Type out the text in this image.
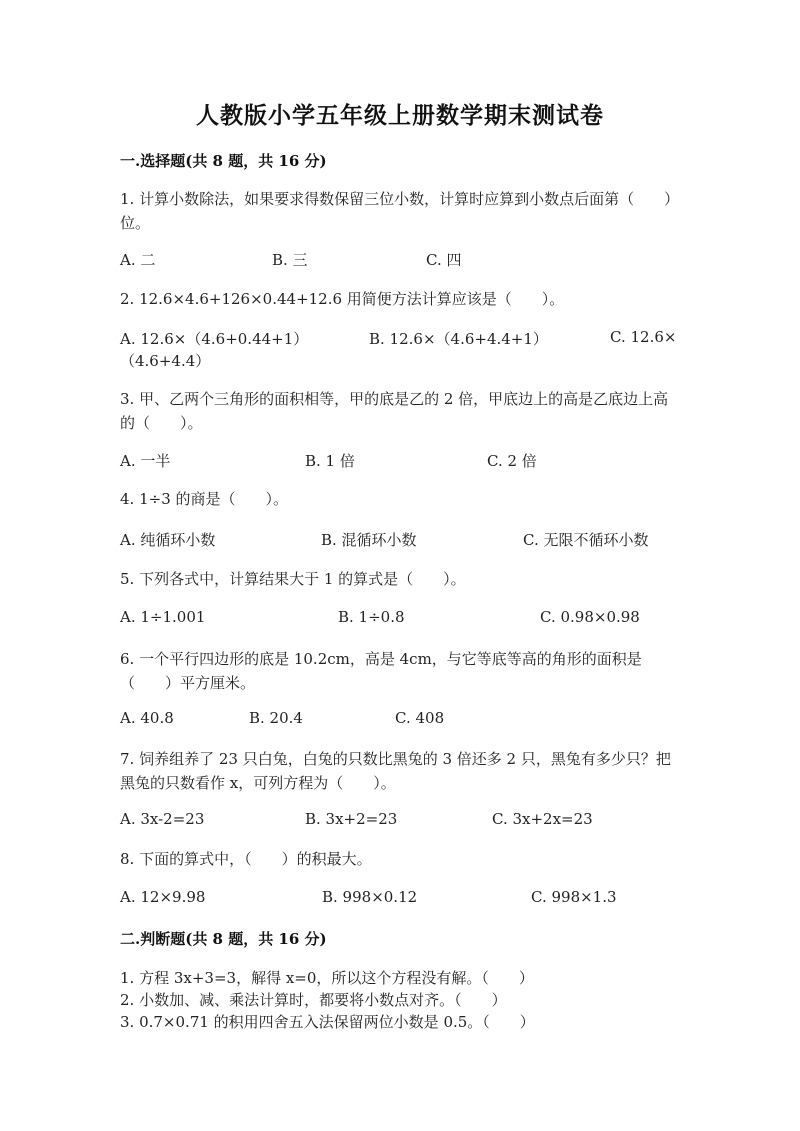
人教版小学五年级上册数学期末测试卷
一.选择题(共 8 题，共 16 分)
1. 计算小数除法，如果要求得数保留三位小数，计算时应算到小数点后面第（　　）位。
A. 二	B. 三	C. 四
2. 12.6×4.6+126×0.44+12.6 用简便方法计算应该是（　　）。
A. 12.6×（4.6+0.44+1）	B. 12.6×（4.6+4.4+1）	C. 12.6×
（4.6+4.4）
3. 甲、乙两个三角形的面积相等，甲的底是乙的 2 倍，甲底边上的高是乙底边上高的（　　）。
A. 一半	B. 1 倍	C. 2 倍
4. 1÷3 的商是（　　）。
A. 纯循环小数	B. 混循环小数	C. 无限不循环小数
5. 下列各式中，计算结果大于 1 的算式是（　　）。
A. 1÷1.001	B. 1÷0.8	C. 0.98×0.98
6. 一个平行四边形的底是 10.2cm，高是 4cm，与它等底等高的角形的面积是（　　）平方厘米。
A. 40.8	B. 20.4	C. 408
7. 饲养组养了 23 只白兔，白兔的只数比黑兔的 3 倍还多 2 只，黑兔有多少只？把黑兔的只数看作 x，可列方程为（　　）。
A. 3x-2=23	B. 3x+2=23	C. 3x+2x=23
8. 下面的算式中，（　　）的积最大。
A. 12×9.98	B. 998×0.12	C. 998×1.3
二.判断题(共 8 题，共 16 分)
1. 方程 3x+3=3，解得 x=0，所以这个方程没有解。（　　）
2. 小数加、减、乘法计算时，都要将小数点对齐。（　　）
3. 0.7×0.71 的积用四舍五入法保留两位小数是 0.5。（　　）
